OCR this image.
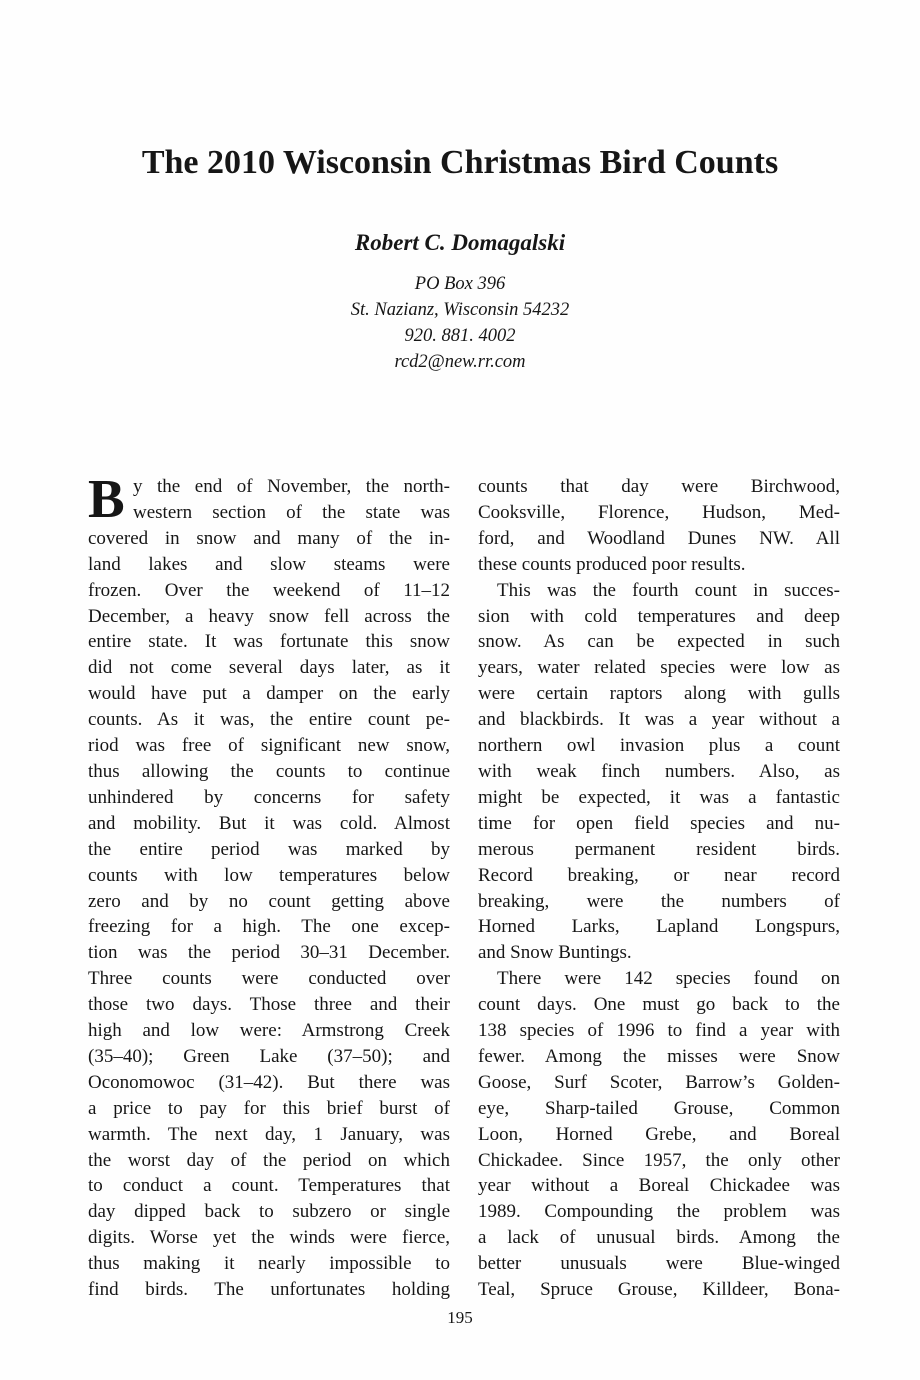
The 2010 Wisconsin Christmas Bird Counts
Robert C. Domagalski
PO Box 396
St. Nazianz, Wisconsin 54232
920. 881. 4002
rcd2@new.rr.com
B y the end of November, the north-
western section of the state was
covered in snow and many of the in-
land lakes and slow steams were
frozen. Over the weekend of 11–12
December, a heavy snow fell across the
entire state. It was fortunate this snow
did not come several days later, as it
would have put a damper on the early
counts. As it was, the entire count pe-
riod was free of significant new snow,
thus allowing the counts to continue
unhindered by concerns for safety
and mobility. But it was cold. Almost
the entire period was marked by
counts with low temperatures below
zero and by no count getting above
freezing for a high. The one excep-
tion was the period 30–31 December.
Three counts were conducted over
those two days. Those three and their
high and low were: Armstrong Creek
(35–40); Green Lake (37–50); and
Oconomowoc (31–42). But there was
a price to pay for this brief burst of
warmth. The next day, 1 January, was
the worst day of the period on which
to conduct a count. Temperatures that
day dipped back to subzero or single
digits. Worse yet the winds were fierce,
thus making it nearly impossible to
find birds. The unfortunates holding
counts that day were Birchwood,
Cooksville, Florence, Hudson, Med-
ford, and Woodland Dunes NW. All
these counts produced poor results.
This was the fourth count in succes-
sion with cold temperatures and deep
snow. As can be expected in such
years, water related species were low as
were certain raptors along with gulls
and blackbirds. It was a year without a
northern owl invasion plus a count
with weak finch numbers. Also, as
might be expected, it was a fantastic
time for open field species and nu-
merous permanent resident birds.
Record breaking, or near record
breaking, were the numbers of
Horned Larks, Lapland Longspurs,
and Snow Buntings.
There were 142 species found on
count days. One must go back to the
138 species of 1996 to find a year with
fewer. Among the misses were Snow
Goose, Surf Scoter, Barrow’s Golden-
eye, Sharp-tailed Grouse, Common
Loon, Horned Grebe, and Boreal
Chickadee. Since 1957, the only other
year without a Boreal Chickadee was
1989. Compounding the problem was
a lack of unusual birds. Among the
better unusuals were Blue-winged
Teal, Spruce Grouse, Killdeer, Bona-
195
